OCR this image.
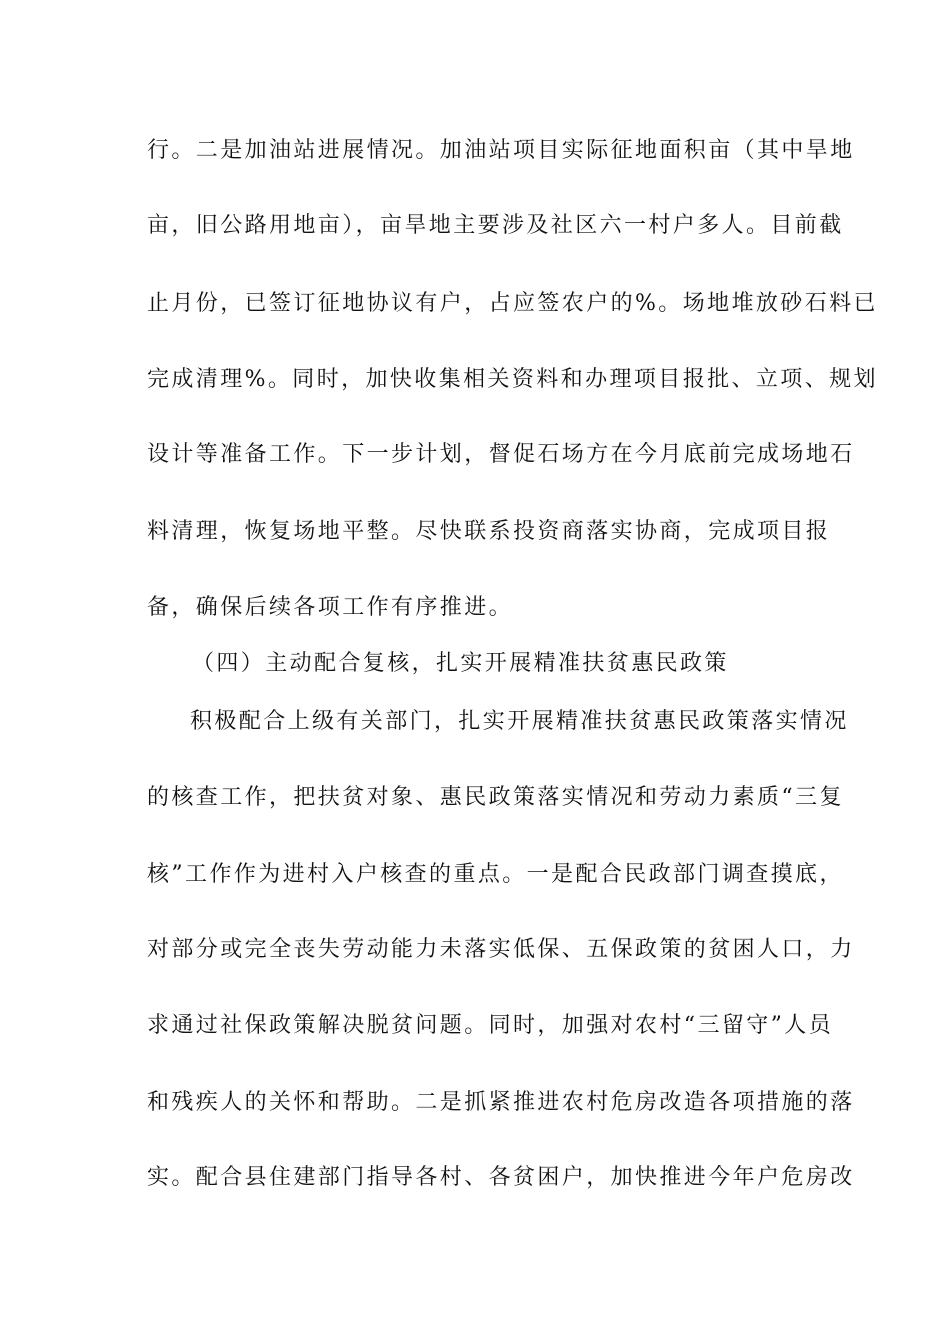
行。二是加油站进展情况。加油站项目实际征地面积亩（其中旱地
亩，旧公路用地亩），亩旱地主要涉及社区六一村户多人。目前截
止月份，已签订征地协议有户，占应签农户的%。场地堆放砂石料已
完成清理%。同时，加快收集相关资料和办理项目报批、立项、规划
设计等准备工作。下一步计划，督促石场方在今月底前完成场地石
料清理，恢复场地平整。尽快联系投资商落实协商，完成项目报
备，确保后续各项工作有序推进。
（四）主动配合复核，扎实开展精准扶贫惠民政策
积极配合上级有关部门，扎实开展精准扶贫惠民政策落实情况
的核查工作，把扶贫对象、惠民政策落实情况和劳动力素质“三复
核”工作作为进村入户核查的重点。一是配合民政部门调查摸底，
对部分或完全丧失劳动能力未落实低保、五保政策的贫困人口，力
求通过社保政策解决脱贫问题。同时，加强对农村“三留守”人员
和残疾人的关怀和帮助。二是抓紧推进农村危房改造各项措施的落
实。配合县住建部门指导各村、各贫困户，加快推进今年户危房改
